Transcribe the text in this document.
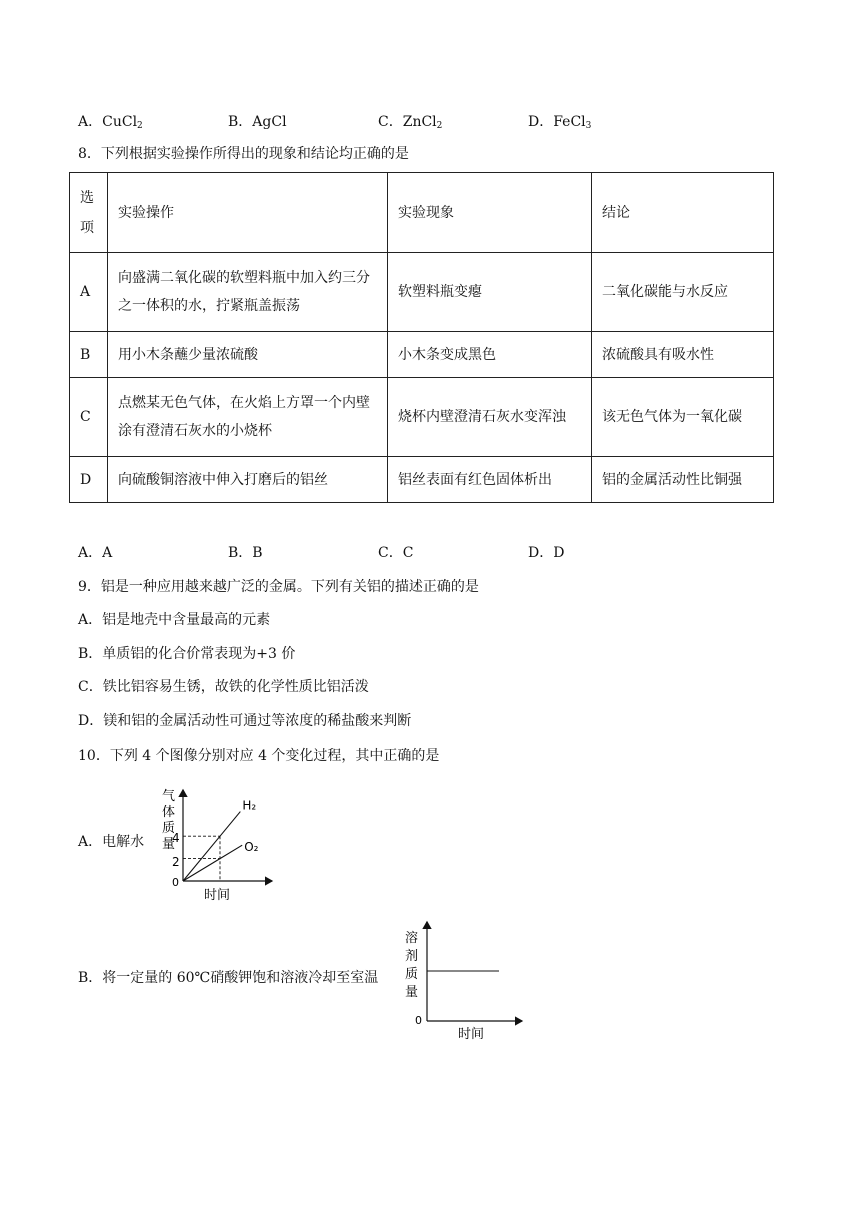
A．CuCl$_2$	B．AgCl	C．ZnCl$_2$	D．FeCl$_3$
8．下列根据实验操作所得出的现象和结论均正确的是
选项	实验操作	实验现象	结论
A	向盛满二氧化碳的软塑料瓶中加入约三分之一体积的水，拧紧瓶盖振荡	软塑料瓶变瘪	二氧化碳能与水反应
B	用小木条蘸少量浓硫酸	小木条变成黑色	浓硫酸具有吸水性
C	点燃某无色气体，在火焰上方罩一个内壁涂有澄清石灰水的小烧杯	烧杯内壁澄清石灰水变浑浊	该无色气体为一氧化碳
D	向硫酸铜溶液中伸入打磨后的铝丝	铝丝表面有红色固体析出	铝的金属活动性比铜强
A．A	B．B	C．C	D．D
9．铝是一种应用越来越广泛的金属。下列有关铝的描述正确的是
A．铝是地壳中含量最高的元素
B．单质铝的化合价常表现为+3 价
C．铁比铝容易生锈，故铁的化学性质比铝活泼
D．镁和铝的金属活动性可通过等浓度的稀盐酸来判断
10．下列 4 个图像分别对应 4 个变化过程，其中正确的是
A．电解水
气
体
质
量
4
2
0
时间
H₂
O₂
B．将一定量的 60℃硝酸钾饱和溶液冷却至室温
溶
剂
质
量
0
时间
